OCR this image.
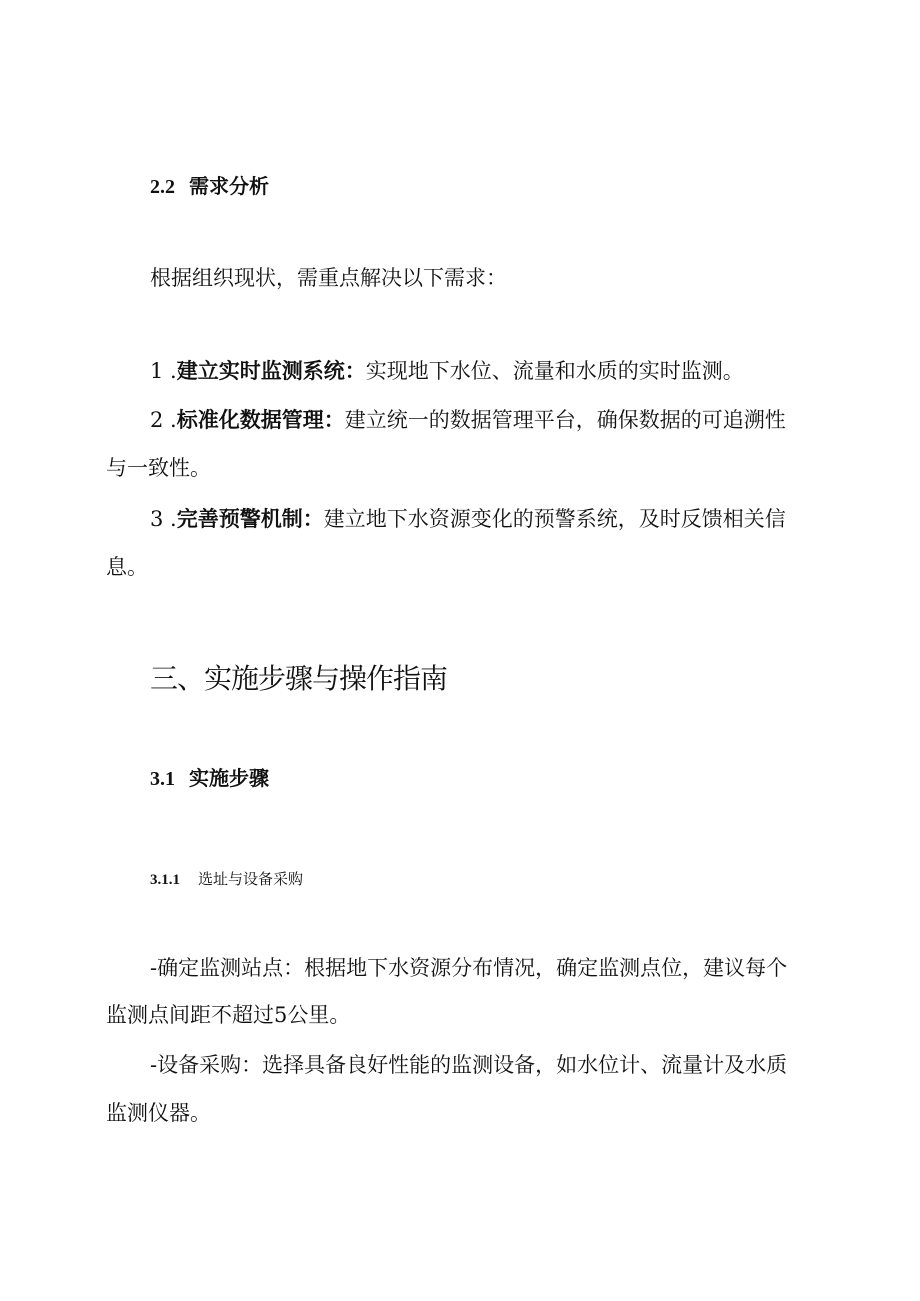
2.2 需求分析
根据组织现状，需重点解决以下需求：
1 .建立实时监测系统：实现地下水位、流量和水质的实时监测。
2 .标准化数据管理：建立统一的数据管理平台，确保数据的可追溯性
与一致性。
3 .完善预警机制：建立地下水资源变化的预警系统，及时反馈相关信
息。
三、实施步骤与操作指南
3.1 实施步骤
3.1.1 选址与设备采购
-确定监测站点：根据地下水资源分布情况，确定监测点位，建议每个
监测点间距不超过5公里。
-设备采购：选择具备良好性能的监测设备，如水位计、流量计及水质
监测仪器。
